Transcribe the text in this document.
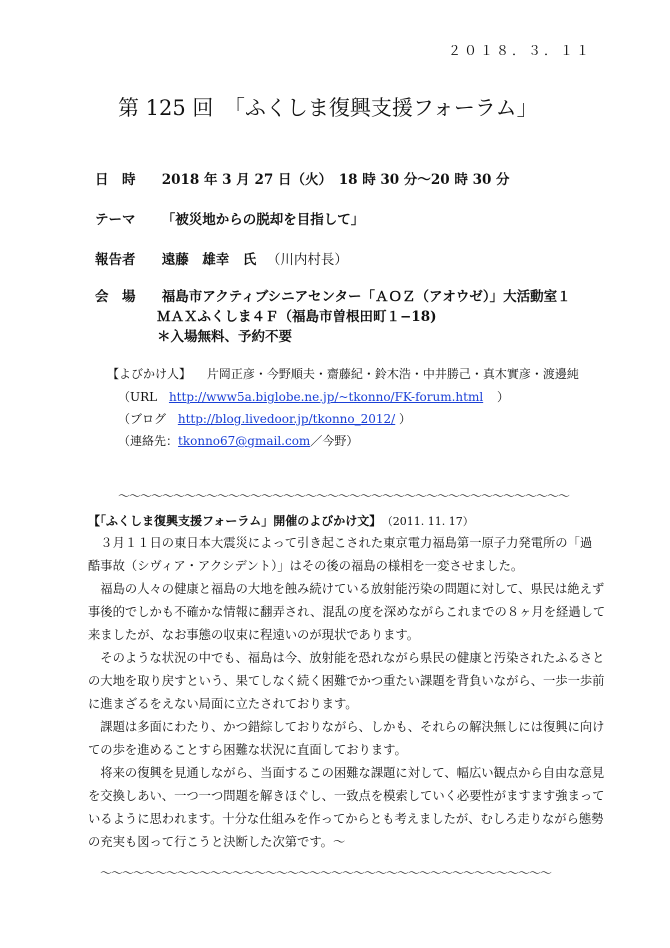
２０１８．３．１１
第 125 回　「ふくしま復興支援フォーラム」
日　時 2018 年 3 月 27 日（火）　18 時 30 分～20 時 30 分
テーマ 「被災地からの脱却を目指して」
報告者 遠藤　雄幸　氏 （川内村長）
会　場 福島市アクティブシニアセンター「ＡＯＺ（アオウゼ）」大活動室１
ＭＡＸふくしま４Ｆ（福島市曽根田町１−18)
＊入場無料、予約不要
【よびかけ人】 片岡正彦・今野順夫・齋藤紀・鈴木浩・中井勝己・真木實彦・渡邊純
（URL http://www5a.biglobe.ne.jp/~tkonno/FK-forum.html ）
（ブログ http://blog.livedoor.jp/tkonno_2012/ ）
（連絡先：tkonno67@gmail.com／今野）
～～～～～～～～～～～～～～～～～～～～～～～～～～～～～～～～～～～～～～～～～
【「ふくしま復興支援フォーラム」開催のよびかけ文】 （2011. 11. 17）

　３月１１日の東日本大震災によって引き起こされた東京電力福島第一原子力発電所の「過

酷事故（シヴィア・アクシデント）」はその後の福島の様相を一変させました。

　福島の人々の健康と福島の大地を蝕み続けている放射能汚染の問題に対して、県民は絶えず

事後的でしかも不確かな情報に翻弄され、混乱の度を深めながらこれまでの８ヶ月を経過して

来ましたが、なお事態の収束に程遠いのが現状であります。

　そのような状況の中でも、福島は今、放射能を恐れながら県民の健康と汚染されたふるさと

の大地を取り戻すという、果てしなく続く困難でかつ重たい課題を背負いながら、一歩一歩前

に進まざるをえない局面に立たされております。

　課題は多面にわたり、かつ錯綜しておりながら、しかも、それらの解決無しには復興に向け

ての歩を進めることすら困難な状況に直面しております。

　将来の復興を見通しながら、当面するこの困難な課題に対して、幅広い観点から自由な意見

を交換しあい、一つ一つ問題を解きほぐし、一致点を模索していく必要性がますます強まって

いるように思われます。十分な仕組みを作ってからとも考えましたが、むしろ走りながら態勢

の充実も図って行こうと決断した次第です。～

～～～～～～～～～～～～～～～～～～～～～～～～～～～～～～～～～～～～～～～～～
